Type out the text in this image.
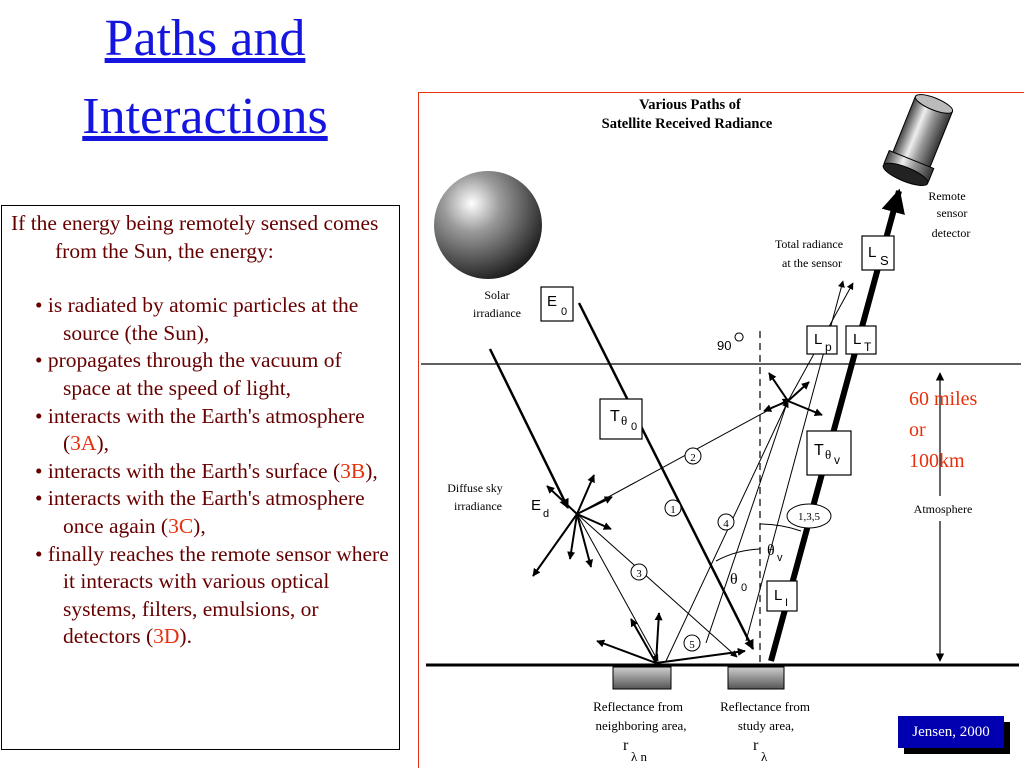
Paths and
Interactions

If the energy being remotely sensed comes from the Sun, the energy:

• is radiated by atomic particles at the source (the Sun),

• propagates through the vacuum of space at the speed of light,

• interacts with the Earth's atmosphere (3A),

• interacts with the Earth's surface (3B),

• interacts with the Earth's atmosphere once again (3C),

• finally reaches the remote sensor where it interacts with various optical systems, filters, emulsions, or detectors (3D).

Various Paths of
Satellite Received Radiance
Solar
irradiance
Remote
sensor
detector
Total radiance
at the sensor
60 miles
or
100km
Atmosphere
90
Diffuse sky
irradiance E d
θ v
θ 0
2
1
4
3
5
1,3,5
E
0
L S
L p L T
T θ 0
T θ v
L I
Reflectance from
neighboring area,
r
λ n
Reflectance from
study area,
r
λ
Jensen, 2000
